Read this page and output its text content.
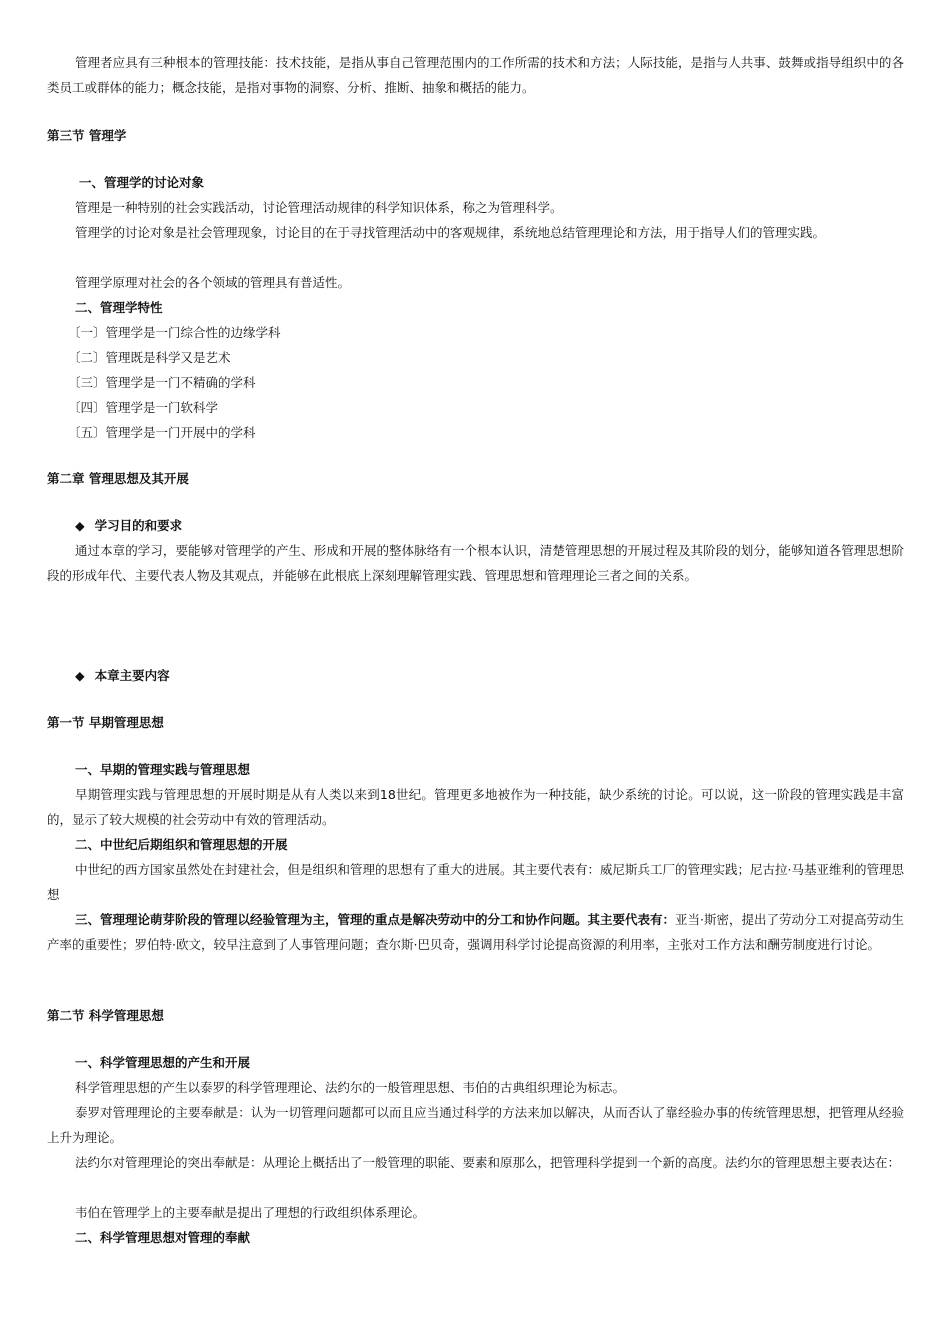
管理者应具有三种根本的管理技能：技术技能，是指从事自己管理范围内的工作所需的技术和方法；人际技能，是指与人共事、鼓舞或指导组织中的各类员工或群体的能力；概念技能，是指对事物的洞察、分析、推断、抽象和概括的能力。

第三节 管理学

一、管理学的讨论对象

管理是一种特别的社会实践活动，讨论管理活动规律的科学知识体系，称之为管理科学。

管理学的讨论对象是社会管理现象，讨论目的在于寻找管理活动中的客观规律，系统地总结管理理论和方法，用于指导人们的管理实践。

管理学原理对社会的各个领域的管理具有普适性。

二、管理学特性

〔一〕管理学是一门综合性的边缘学科

〔二〕管理既是科学又是艺术

〔三〕管理学是一门不精确的学科

〔四〕管理学是一门软科学

〔五〕管理学是一门开展中的学科

第二章 管理思想及其开展

◆ 学习目的和要求

通过本章的学习，要能够对管理学的产生、形成和开展的整体脉络有一个根本认识，清楚管理思想的开展过程及其阶段的划分，能够知道各管理思想阶段的形成年代、主要代表人物及其观点，并能够在此根底上深刻理解管理实践、管理思想和管理理论三者之间的关系。

◆ 本章主要内容

第一节 早期管理思想

一、早期的管理实践与管理思想

早期管理实践与管理思想的开展时期是从有人类以来到18世纪。管理更多地被作为一种技能，缺少系统的讨论。可以说，这一阶段的管理实践是丰富的，显示了较大规模的社会劳动中有效的管理活动。

二、中世纪后期组织和管理思想的开展

中世纪的西方国家虽然处在封建社会，但是组织和管理的思想有了重大的进展。其主要代表有：威尼斯兵工厂的管理实践；尼古拉·马基亚维利的管理思想

三、管理理论萌芽阶段的管理以经验管理为主，管理的重点是解决劳动中的分工和协作问题。其主要代表有：亚当·斯密，提出了劳动分工对提高劳动生产率的重要性；罗伯特·欧文，较早注意到了人事管理问题；查尔斯·巴贝奇，强调用科学讨论提高资源的利用率，主张对工作方法和酬劳制度进行讨论。

第二节 科学管理思想

一、科学管理思想的产生和开展

科学管理思想的产生以泰罗的科学管理理论、法约尔的一般管理思想、韦伯的古典组织理论为标志。

泰罗对管理理论的主要奉献是：认为一切管理问题都可以而且应当通过科学的方法来加以解决，从而否认了靠经验办事的传统管理思想，把管理从经验上升为理论。

法约尔对管理理论的突出奉献是：从理论上概括出了一般管理的职能、要素和原那么，把管理科学提到一个新的高度。法约尔的管理思想主要表达在：

韦伯在管理学上的主要奉献是提出了理想的行政组织体系理论。

二、科学管理思想对管理的奉献
